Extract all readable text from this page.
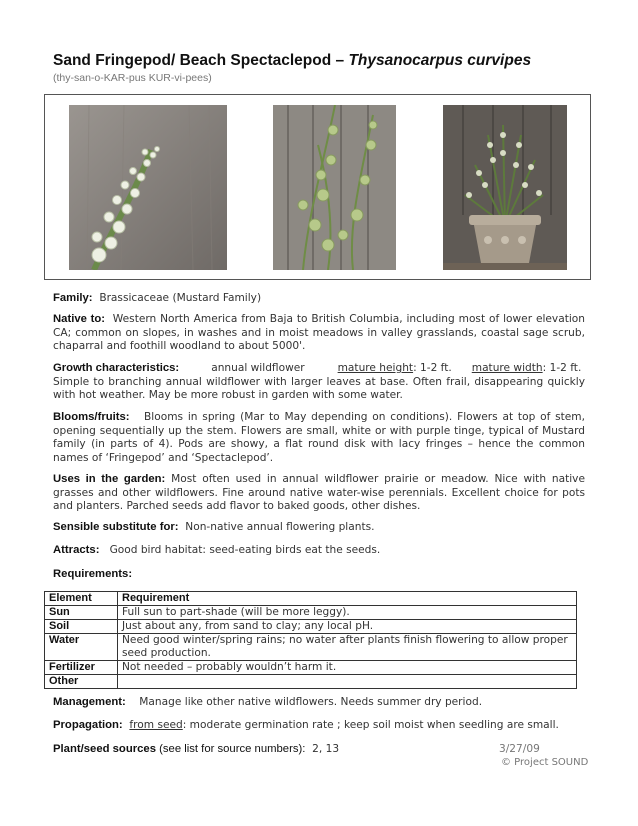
Sand Fringepod/ Beach Spectaclepod – Thysanocarpus curvipes
(thy-san-o-KAR-pus KUR-vi-pees)
Family: Brassicaceae (Mustard Family)
Native to: Western North America from Baja to British Columbia, including most of lower elevation CA; common on slopes, in washes and in moist meadows in valley grasslands, coastal sage scrub, chaparral and foothill woodland to about 5000'.
Growth characteristics:	annual wildflower	mature height: 1-2 ft. mature width: 1-2 ft.
Simple to branching annual wildflower with larger leaves at base. Often frail, disappearing quickly with hot weather. May be more robust in garden with some water.
Blooms/fruits: Blooms in spring (Mar to May depending on conditions). Flowers at top of stem, opening sequentially up the stem. Flowers are small, white or with purple tinge, typical of Mustard family (in parts of 4). Pods are showy, a flat round disk with lacy fringes – hence the common names of ‘Fringepod’ and ‘Spectaclepod’.
Uses in the garden: Most often used in annual wildflower prairie or meadow. Nice with native grasses and other wildflowers. Fine around native water-wise perennials. Excellent choice for pots and planters. Parched seeds add flavor to baked goods, other dishes.
Sensible substitute for: Non-native annual flowering plants.
Attracts: Good bird habitat: seed-eating birds eat the seeds.
Requirements:
Element	Requirement
Sun	Full sun to part-shade (will be more leggy).
Soil	Just about any, from sand to clay; any local pH.
Water	Need good winter/spring rains; no water after plants finish flowering to allow proper seed production.
Fertilizer	Not needed – probably wouldn’t harm it.
Other	
Management: Manage like other native wildflowers. Needs summer dry period.
Propagation: from seed: moderate germination rate ; keep soil moist when seedling are small.
Plant/seed sources (see list for source numbers): 2, 13	3/27/09
© Project SOUND
